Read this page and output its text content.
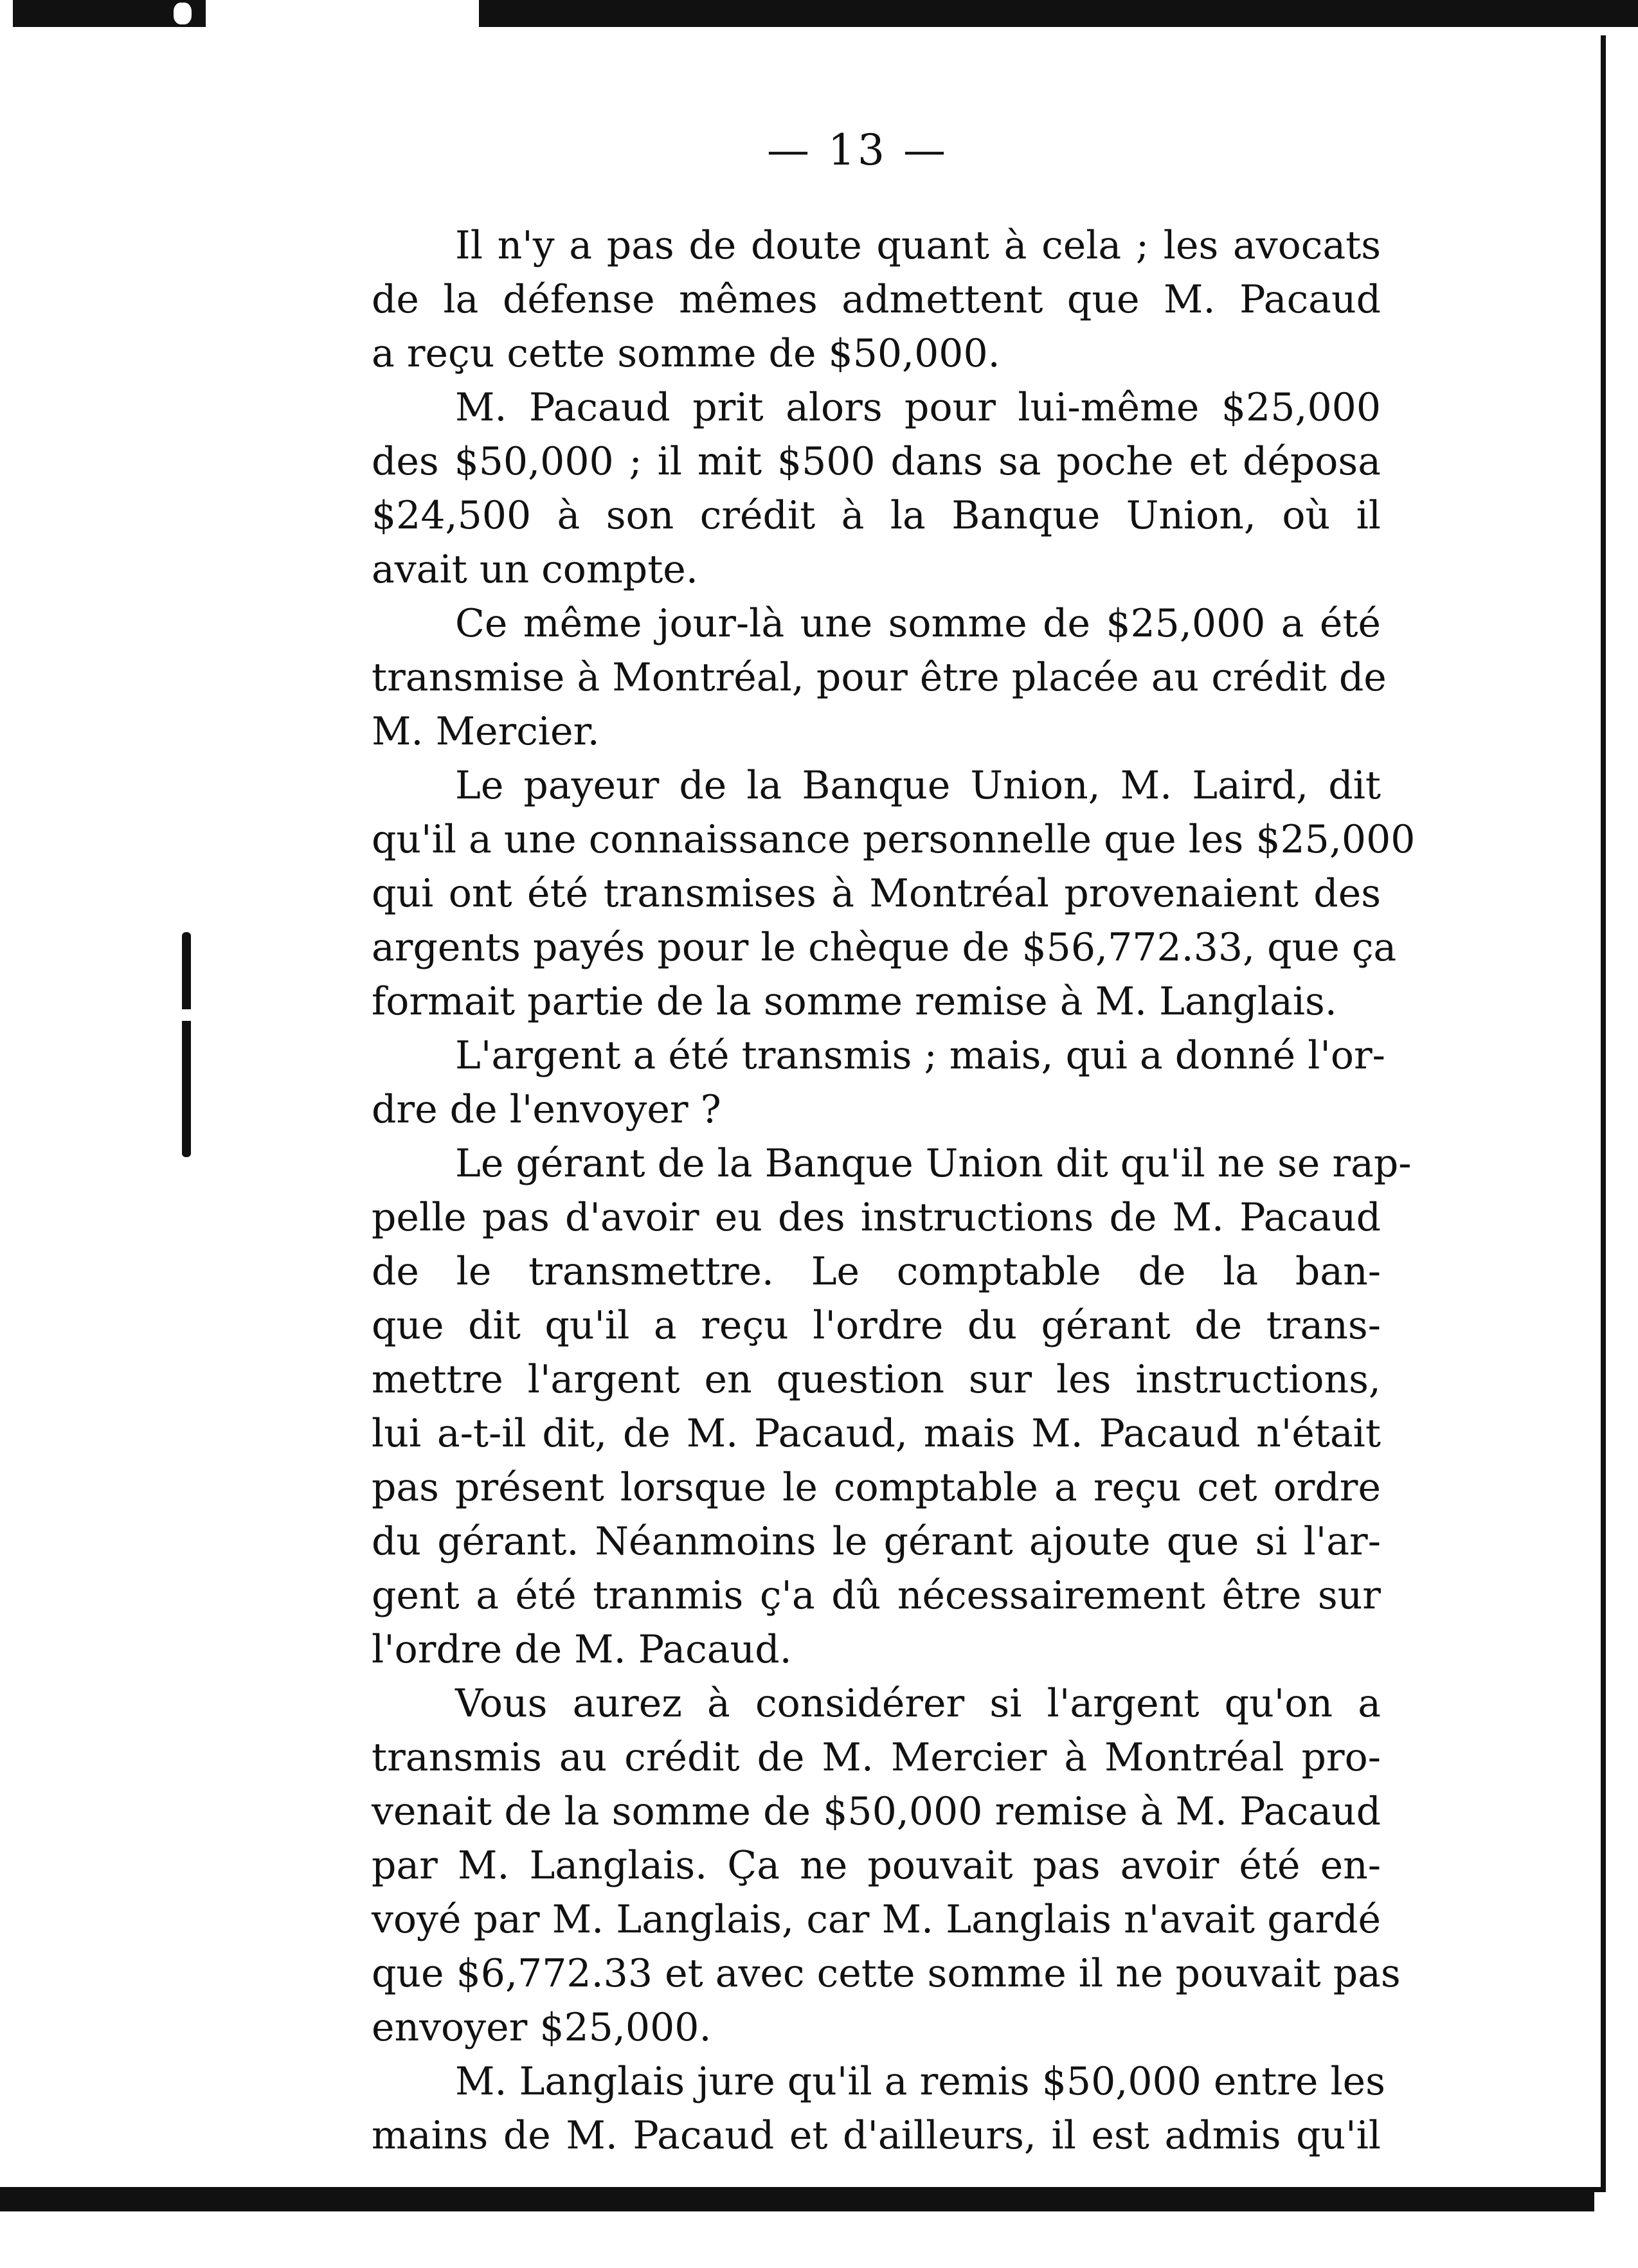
— 13 —

Il n'y a pas de doute quant à cela ; les avocats
de la défense mêmes admettent que M. Pacaud
a reçu cette somme de $50,000.

M. Pacaud prit alors pour lui-même $25,000
des $50,000 ; il mit $500 dans sa poche et déposa
$24,500 à son crédit à la Banque Union, où il
avait un compte.

Ce même jour-là une somme de $25,000 a été
transmise à Montréal, pour être placée au crédit de
M. Mercier.

Le payeur de la Banque Union, M. Laird, dit
qu'il a une connaissance personnelle que les $25,000
qui ont été transmises à Montréal provenaient des
argents payés pour le chèque de $56,772.33, que ça
formait partie de la somme remise à M. Langlais.

L'argent a été transmis ; mais, qui a donné l'or-
dre de l'envoyer ?

Le gérant de la Banque Union dit qu'il ne se rap-
pelle pas d'avoir eu des instructions de M. Pacaud
de le transmettre. Le comptable de la ban-
que dit qu'il a reçu l'ordre du gérant de trans-
mettre l'argent en question sur les instructions,
lui a-t-il dit, de M. Pacaud, mais M. Pacaud n'était
pas présent lorsque le comptable a reçu cet ordre
du gérant. Néanmoins le gérant ajoute que si l'ar-
gent a été tranmis ç'a dû nécessairement être sur
l'ordre de M. Pacaud.

Vous aurez à considérer si l'argent qu'on a
transmis au crédit de M. Mercier à Montréal pro-
venait de la somme de $50,000 remise à M. Pacaud
par M. Langlais. Ça ne pouvait pas avoir été en-
voyé par M. Langlais, car M. Langlais n'avait gardé
que $6,772.33 et avec cette somme il ne pouvait pas
envoyer $25,000.

M. Langlais jure qu'il a remis $50,000 entre les
mains de M. Pacaud et d'ailleurs, il est admis qu'il
